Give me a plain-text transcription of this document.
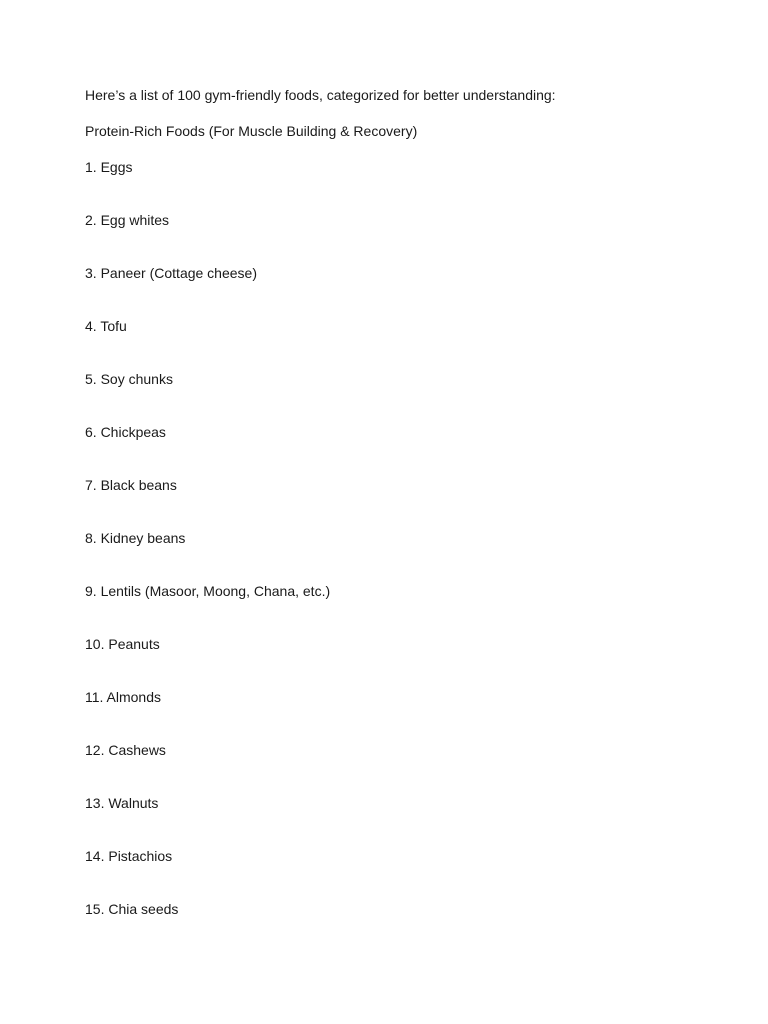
Here’s a list of 100 gym-friendly foods, categorized for better understanding:
Protein-Rich Foods (For Muscle Building & Recovery)
1. Eggs
2. Egg whites
3. Paneer (Cottage cheese)
4. Tofu
5. Soy chunks
6. Chickpeas
7. Black beans
8. Kidney beans
9. Lentils (Masoor, Moong, Chana, etc.)
10. Peanuts
11. Almonds
12. Cashews
13. Walnuts
14. Pistachios
15. Chia seeds
